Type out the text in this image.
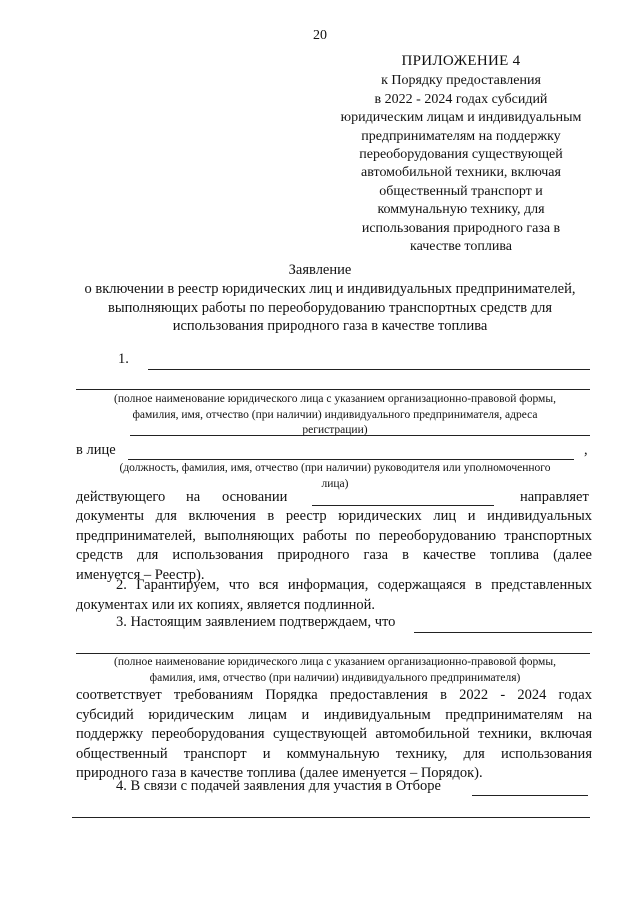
20
ПРИЛОЖЕНИЕ 4
к Порядку предоставления
в 2022 - 2024 годах субсидий
юридическим лицам и индивидуальным
предпринимателям на поддержку
переоборудования существующей
автомобильной техники, включая
общественный транспорт и
коммунальную технику, для
использования природного газа в
качестве топлива
Заявление
о включении в реестр юридических лиц и индивидуальных предпринимателей,
выполняющих работы по переоборудованию транспортных средств для
использования природного газа в качестве топлива
1.
(полное наименование юридического лица с указанием организационно-правовой формы,
фамилия, имя, отчество (при наличии) индивидуального предпринимателя, адреса
регистрации)
в лице	,
(должность, фамилия, имя, отчество (при наличии) руководителя или уполномоченного
лица)
действующего на основании	направляет
документы для включения в реестр юридических лиц и индивидуальных
предпринимателей, выполняющих работы по переоборудованию транспортных
средств для использования природного газа в качестве топлива (далее
именуется – Реестр).
2. Гарантируем, что вся информация, содержащаяся в представленных
документах или их копиях, является подлинной.
3. Настоящим заявлением подтверждаем, что
(полное наименование юридического лица с указанием организационно-правовой формы,
фамилия, имя, отчество (при наличии) индивидуального предпринимателя)
соответствует требованиям Порядка предоставления в 2022 - 2024 годах
субсидий юридическим лицам и индивидуальным предпринимателям на
поддержку переоборудования существующей автомобильной техники, включая
общественный транспорт и коммунальную технику, для использования
природного газа в качестве топлива (далее именуется – Порядок).
4. В связи с подачей заявления для участия в Отборе
